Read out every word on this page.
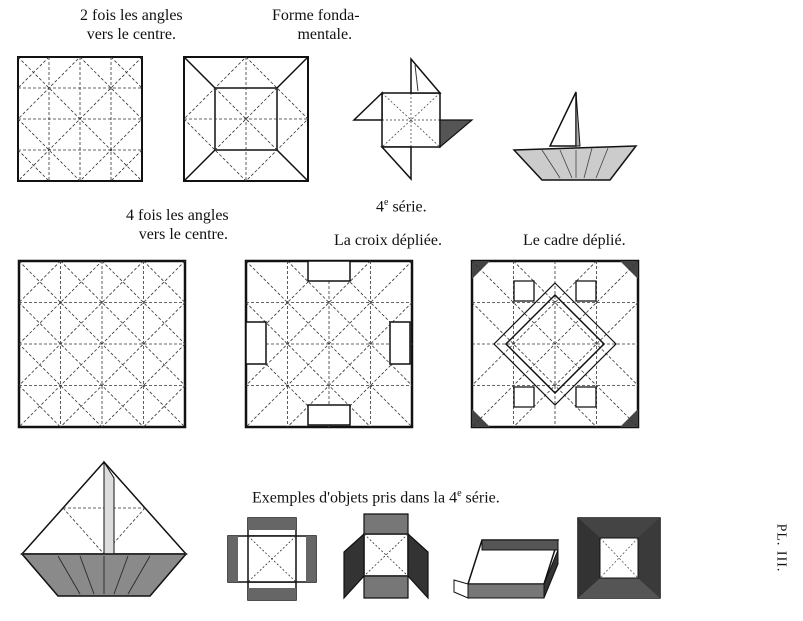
2 fois les angles
vers le centre.
Forme fonda-
mentale.
4e série.
4 fois les angles
vers le centre.	La croix dépliée.	Le cadre déplié.
Exemples d'objets pris dans la 4e série.
PL. III.
